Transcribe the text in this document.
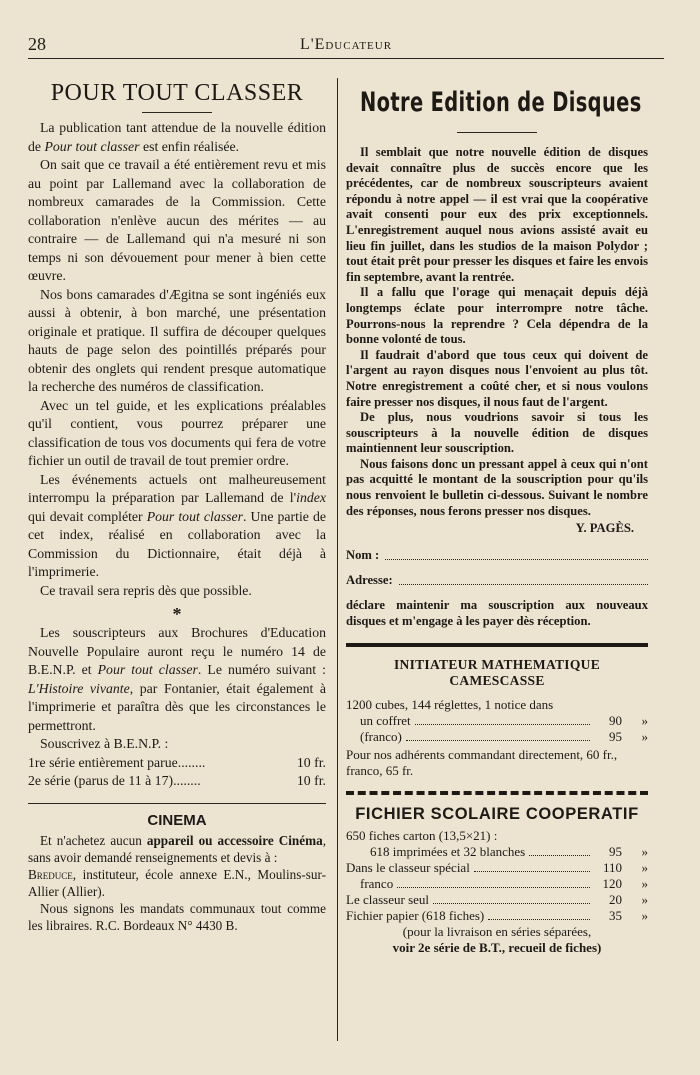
28	L'Educateur
POUR TOUT CLASSER

La publication tant attendue de la nouvelle édition de Pour tout classer est enfin réalisée.

On sait que ce travail a été entièrement revu et mis au point par Lallemand avec la collaboration de nombreux camarades de la Commission. Cette collaboration n'enlève aucun des mérites — au contraire — de Lallemand qui n'a mesuré ni son temps ni son dévouement pour mener à bien cette œuvre.

Nos bons camarades d'Ægitna se sont ingéniés eux aussi à obtenir, à bon marché, une présentation originale et pratique. Il suffira de découper quelques hauts de page selon des pointillés préparés pour obtenir des onglets qui rendent presque automatique la recherche des numéros de classification.

Avec un tel guide, et les explications préalables qu'il contient, vous pourrez préparer une classification de tous vos documents qui fera de votre fichier un outil de travail de tout premier ordre.

Les événements actuels ont malheureusement interrompu la préparation par Lallemand de l'index qui devait compléter Pour tout classer. Une partie de cet index, réalisé en collaboration avec la Commission du Dictionnaire, était déjà à l'imprimerie.

Ce travail sera repris dès que possible.

*

Les souscripteurs aux Brochures d'Education Nouvelle Populaire auront reçu le numéro 14 de B.E.N.P. et Pour tout classer. Le numéro suivant : L'Histoire vivante, par Fontanier, était également à l'imprimerie et paraîtra dès que les circonstances le permettront.

Souscrivez à B.E.N.P. :

1re série entièrement parue........	10 fr.
2e série (parus de 11 à 17)........	10 fr.
CINEMA

Et n'achetez aucun appareil ou accessoire Cinéma, sans avoir demandé renseignements et devis à :

Breduce, instituteur, école annexe E.N., Moulins-sur-Allier (Allier).

Nous signons les mandats communaux tout comme les libraires. R.C. Bordeaux N° 4430 B.

Notre Edition de Disques

Il semblait que notre nouvelle édition de disques devait connaître plus de succès encore que les précédentes, car de nombreux souscripteurs avaient répondu à notre appel — il est vrai que la coopérative avait consenti pour eux des prix exceptionnels. L'enregistrement auquel nous avions assisté avait eu lieu fin juillet, dans les studios de la maison Polydor ; tout était prêt pour presser les disques et faire les envois fin septembre, avant la rentrée.

Il a fallu que l'orage qui menaçait depuis déjà longtemps éclate pour interrompre notre tâche. Pourrons-nous la reprendre ? Cela dépendra de la bonne volonté de tous.

Il faudrait d'abord que tous ceux qui doivent de l'argent au rayon disques nous l'envoient au plus tôt. Notre enregistrement a coûté cher, et si nous voulons faire presser nos disques, il nous faut de l'argent.

De plus, nous voudrions savoir si tous les souscripteurs à la nouvelle édition de disques maintiennent leur souscription.

Nous faisons donc un pressant appel à ceux qui n'ont pas acquitté le montant de la souscription pour qu'ils nous renvoient le bulletin ci-dessous. Suivant le nombre des réponses, nous ferons presser nos disques.

Y. PAGÈS.
Nom :
Adresse:
déclare maintenir ma souscription aux nouveaux disques et m'engage à les payer dès réception.
INITIATEUR MATHEMATIQUE
CAMESCASSE
1200 cubes, 144 réglettes, 1 notice dans
un coffret	90	»
(franco)	95	»
Pour nos adhérents commandant directement, 60 fr., franco, 65 fr.
FICHIER SCOLAIRE COOPERATIF
650 fiches carton (13,5×21) :
618 imprimées et 32 blanches	95	»
Dans le classeur spécial	110	»
franco	120	»
Le classeur seul	20	»
Fichier papier (618 fiches)	35	»
(pour la livraison en séries séparées,
voir 2e série de B.T., recueil de fiches)
